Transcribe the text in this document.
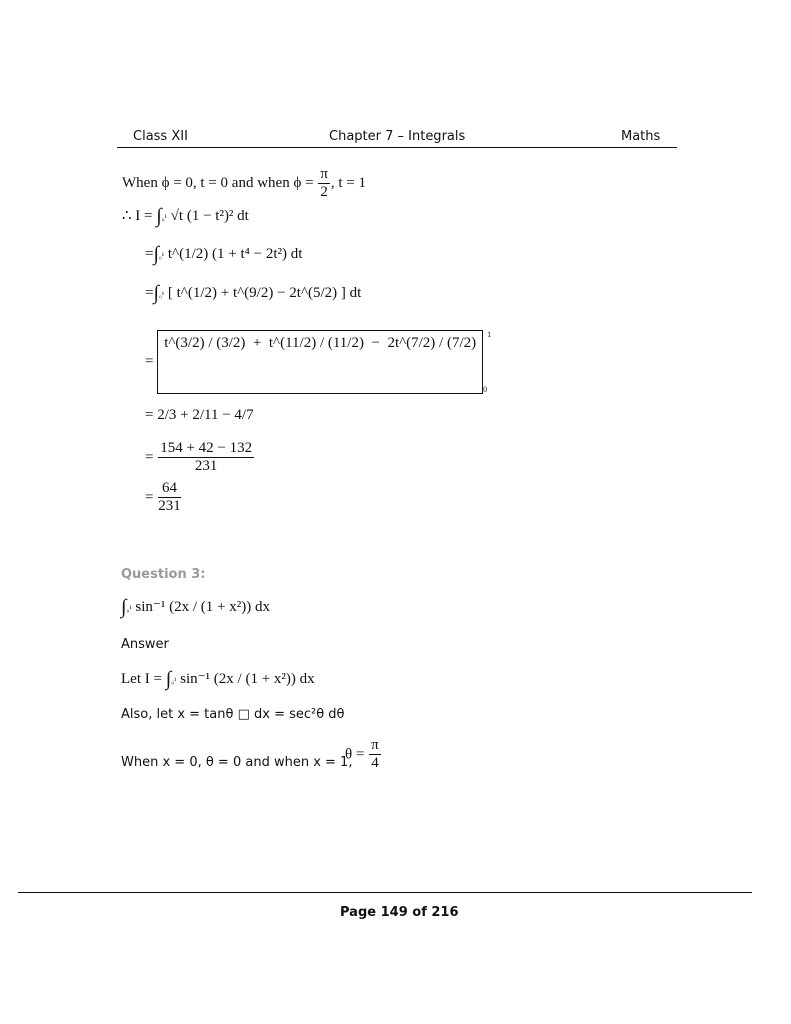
Class XII	Chapter 7 – Integrals	Maths
When ϕ = 0, t = 0 and when $\phi = \frac{\pi}{2}$ , t = 1
∴ I = ∫₀¹ √t (1 − t²)² dt
=∫₀¹ t^(1/2) (1 + t⁴ − 2t²) dt
=∫₀¹ [ t^(1/2) + t^(9/2) − 2t^(5/2) ] dt
= t^(3/2) / (3/2)  +  t^(11/2) / (11/2)  −  2t^(7/2) / $(7/2)0^1$
= 2/3 + 2/11 − 4/7
= $\frac{154 + 42 - 132}{231}$
= $\frac{64}{231}$
Question 3:
∫₀¹ sin⁻¹ (2x / (1 + x²)) dx
Answer
Let I = ∫₀¹ sin⁻¹ (2x / (1 + x²)) dx
Also, let x = tanθ □ dx = sec²θ dθ
When x = 0, θ = 0 and when x = 1,
$\theta = \frac{\pi}{4}$
Page 149 of 216
